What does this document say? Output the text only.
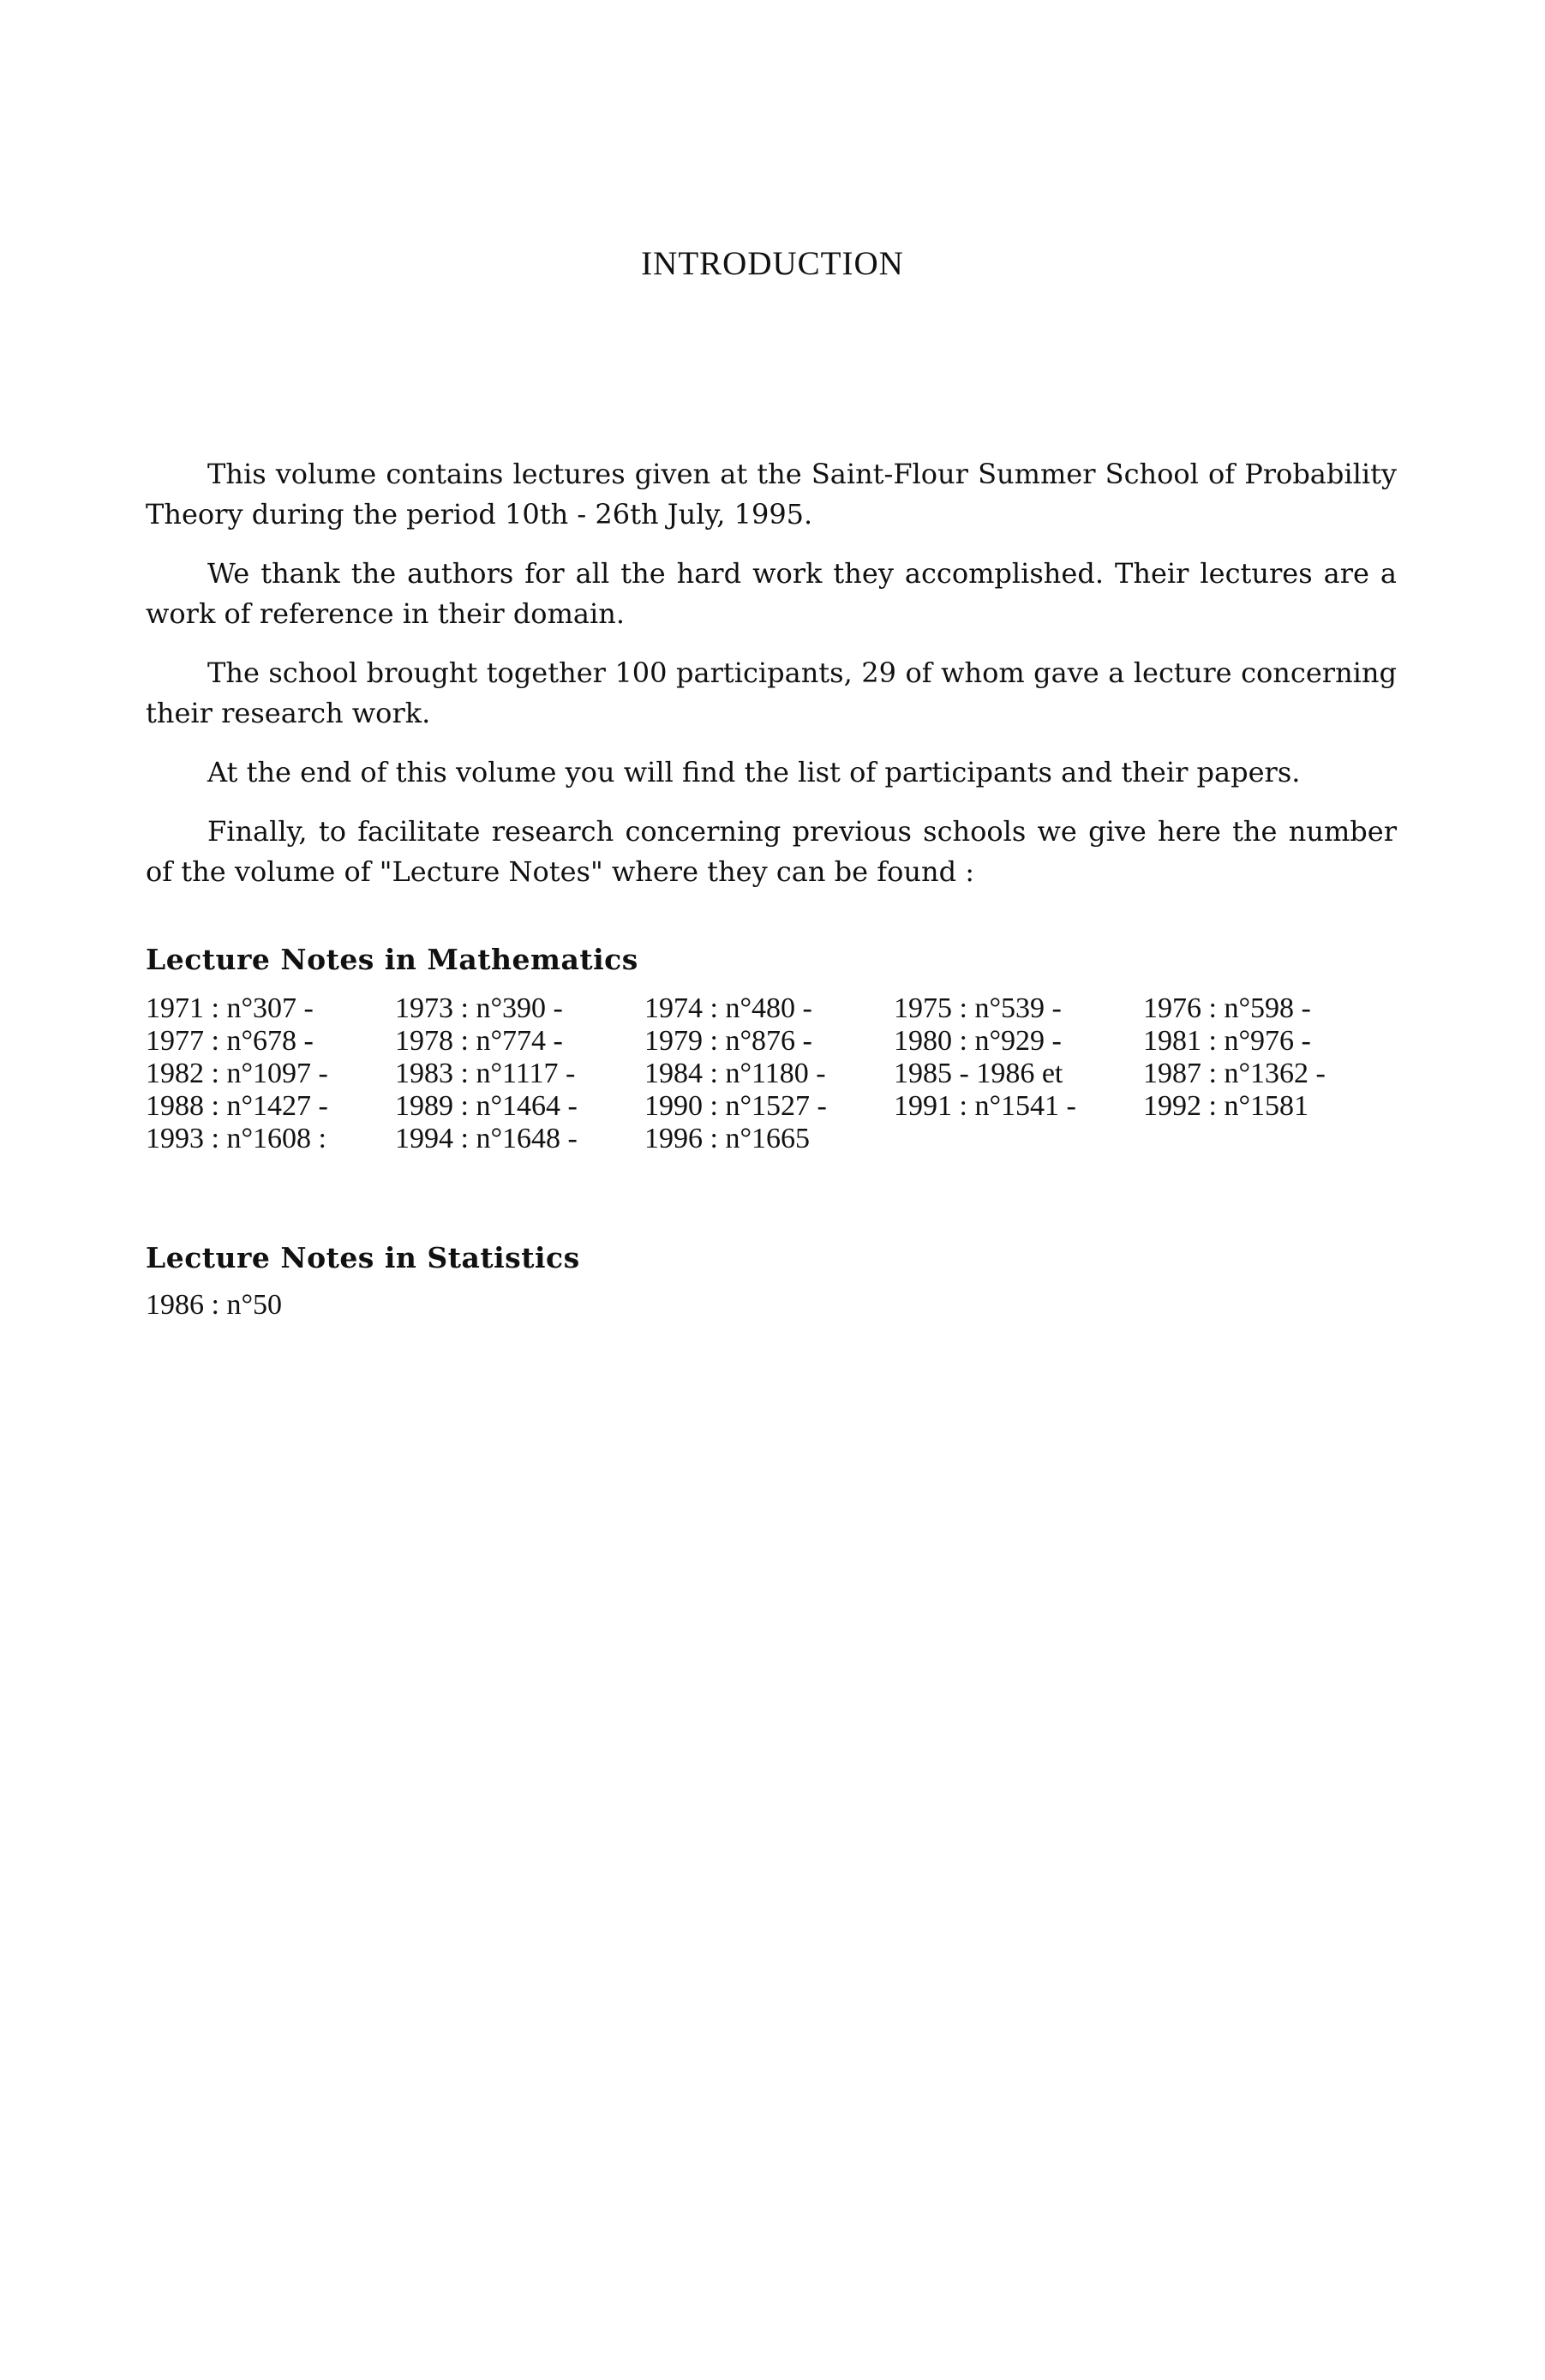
INTRODUCTION

This volume contains lectures given at the Saint-Flour Summer School of Probability Theory during the period 10th - 26th July, 1995.

We thank the authors for all the hard work they accomplished. Their lectures are a work of reference in their domain.

The school brought together 100 participants, 29 of whom gave a lecture concerning their research work.

At the end of this volume you will find the list of participants and their papers.

Finally, to facilitate research concerning previous schools we give here the number of the volume of "Lecture Notes" where they can be found :

Lecture Notes in Mathematics
1971 : n°307 -	1973 : n°390 -	1974 : n°480 -	1975 : n°539 -	1976 : n°598 -
1977 : n°678 -	1978 : n°774 -	1979 : n°876 -	1980 : n°929 -	1981 : n°976 -
1982 : n°1097 -	1983 : n°1117 -	1984 : n°1180 -	1985 - 1986 et	1987 : n°1362 -
1988 : n°1427 -	1989 : n°1464 -	1990 : n°1527 -	1991 : n°1541 -	1992 : n°1581
1993 : n°1608 :	1994 : n°1648 -	1996 : n°1665
Lecture Notes in Statistics
1986 : n°50
